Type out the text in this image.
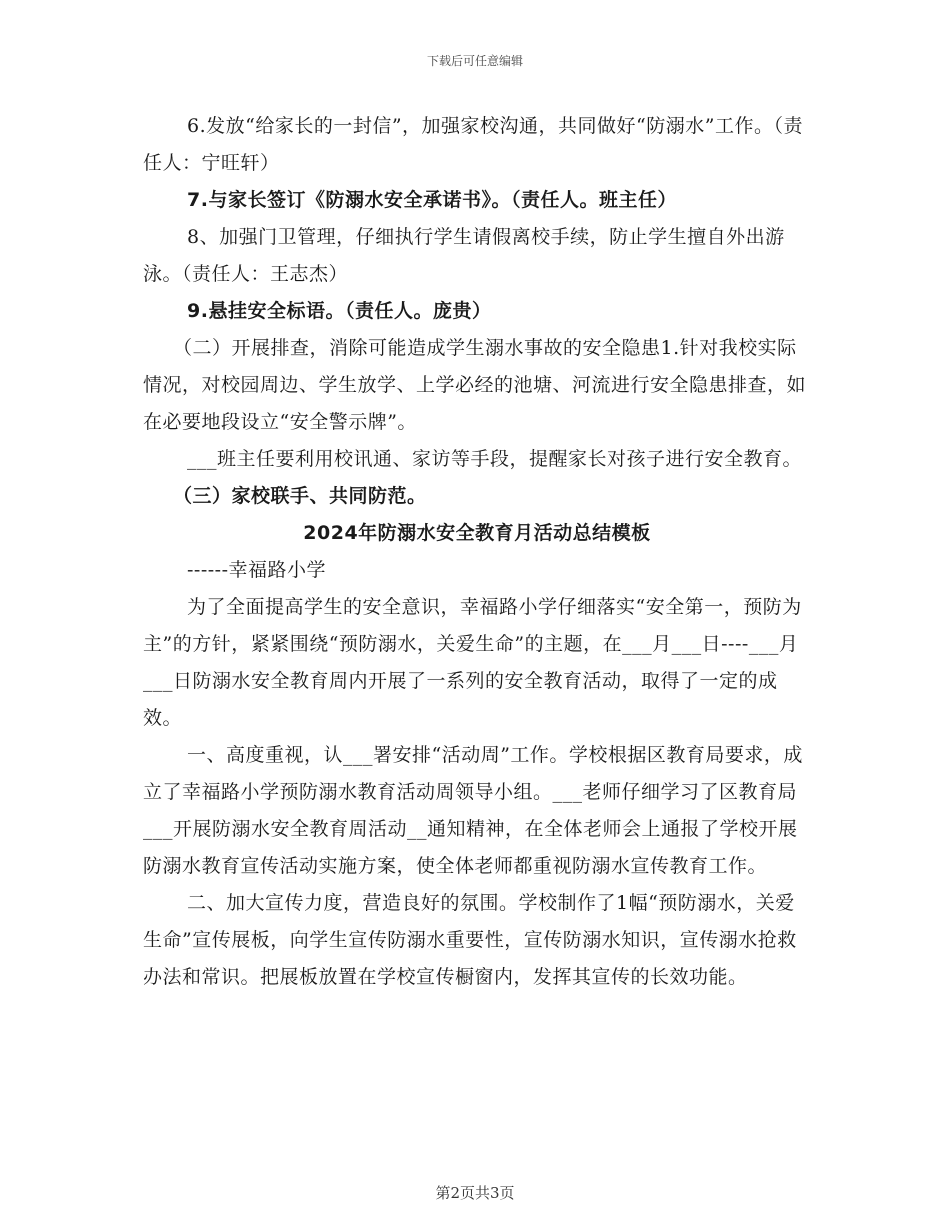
下载后可任意编辑

6.发放“给家长的一封信”，加强家校沟通，共同做好“防溺水”工作。（责任人：宁旺轩）

7.与家长签订《防溺水安全承诺书》。（责任人。班主任）

8、加强门卫管理，仔细执行学生请假离校手续，防止学生擅自外出游泳。（责任人：王志杰）

9.悬挂安全标语。（责任人。庞贵）

（二）开展排查，消除可能造成学生溺水事故的安全隐患1.针对我校实际情况，对校园周边、学生放学、上学必经的池塘、河流进行安全隐患排查，如在必要地段设立“安全警示牌”。

___班主任要利用校讯通、家访等手段，提醒家长对孩子进行安全教育。

（三）家校联手、共同防范。

2024年防溺水安全教育月活动总结模板

------幸福路小学

为了全面提高学生的安全意识，幸福路小学仔细落实“安全第一，预防为主”的方针，紧紧围绕“预防溺水，关爱生命”的主题，在___月___日----___月___日防溺水安全教育周内开展了一系列的安全教育活动，取得了一定的成效。

一、高度重视，认___署安排“活动周”工作。学校根据区教育局要求，成立了幸福路小学预防溺水教育活动周领导小组。___老师仔细学习了区教育局___开展防溺水安全教育周活动__通知精神，在全体老师会上通报了学校开展防溺水教育宣传活动实施方案，使全体老师都重视防溺水宣传教育工作。

二、加大宣传力度，营造良好的氛围。学校制作了1幅“预防溺水，关爱生命”宣传展板，向学生宣传防溺水重要性，宣传防溺水知识，宣传溺水抢救办法和常识。把展板放置在学校宣传橱窗内，发挥其宣传的长效功能。

第2页共3页
